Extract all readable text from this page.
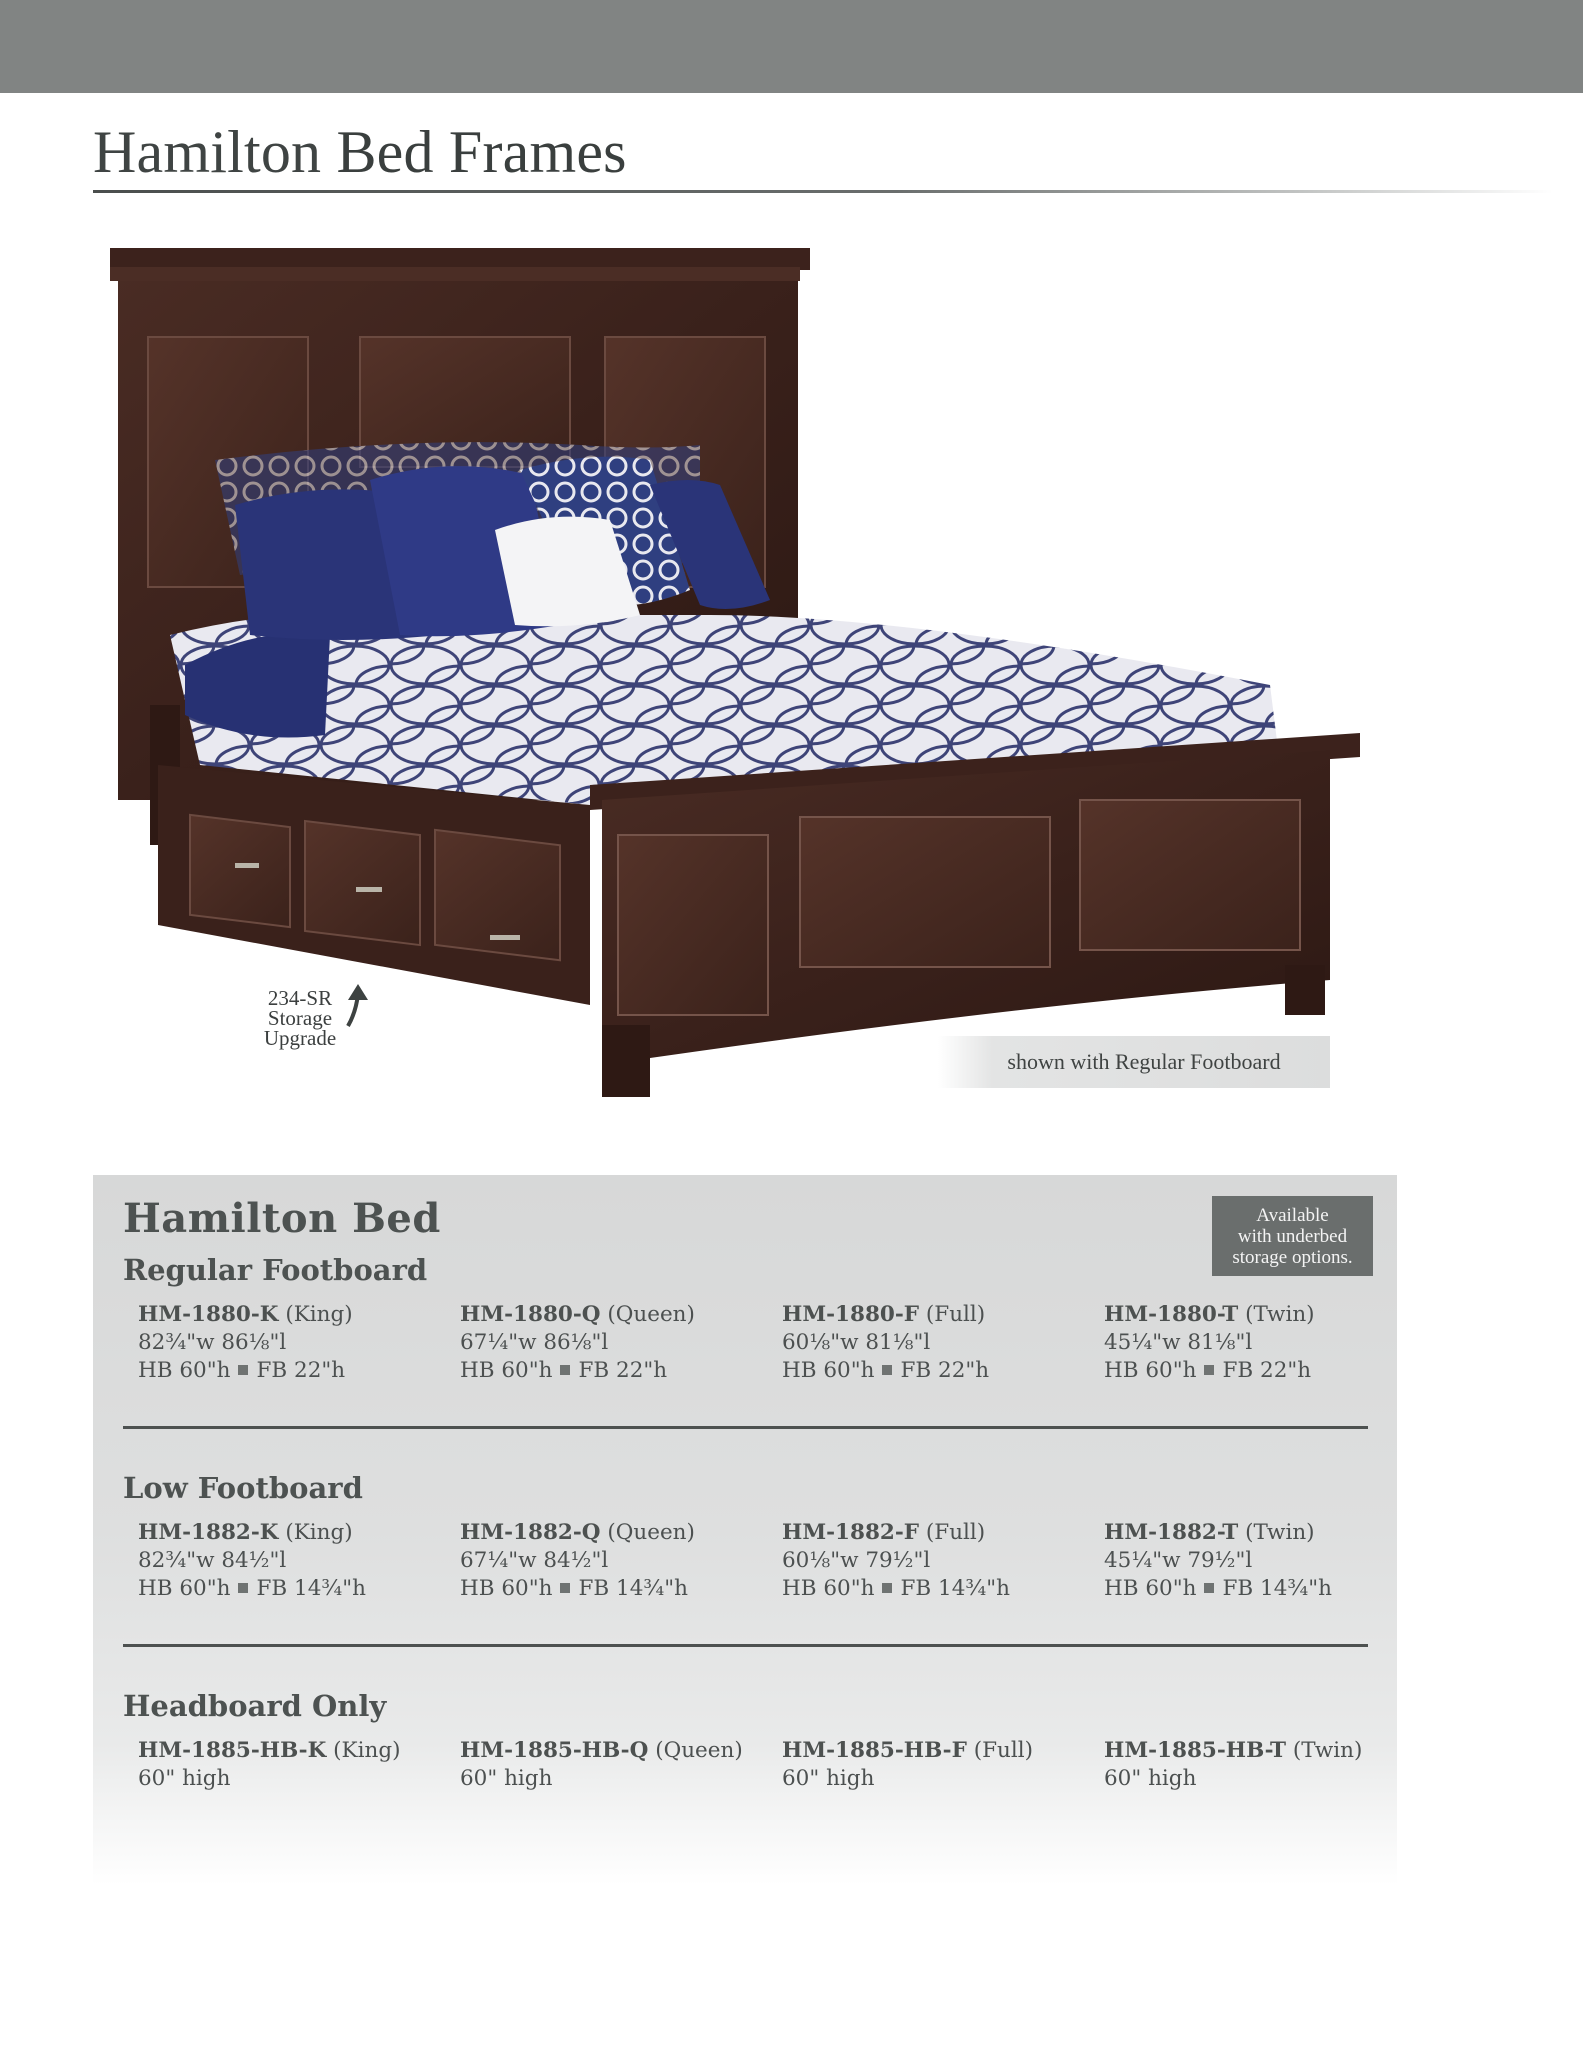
Hamilton Bed Frames
234-SR
Storage
Upgrade
shown with Regular Footboard
Hamilton Bed	Available
with underbed
storage options.
Regular Footboard
HM-1880-K (King)
82¾"w 86⅛"l
HB 60"h FB 22"h
HM-1880-Q (Queen)
67¼"w 86⅛"l
HB 60"h FB 22"h
HM-1880-F (Full)
60⅛"w 81⅛"l
HB 60"h FB 22"h
HM-1880-T (Twin)
45¼"w 81⅛"l
HB 60"h FB 22"h
Low Footboard
HM-1882-K (King)
82¾"w 84½"l
HB 60"h FB 14¾"h
HM-1882-Q (Queen)
67¼"w 84½"l
HB 60"h FB 14¾"h
HM-1882-F (Full)
60⅛"w 79½"l
HB 60"h FB 14¾"h
HM-1882-T (Twin)
45¼"w 79½"l
HB 60"h FB 14¾"h
Headboard Only
HM-1885-HB-K (King)
60" high
HM-1885-HB-Q (Queen)
60" high
HM-1885-HB-F (Full)
60" high
HM-1885-HB-T (Twin)
60" high
